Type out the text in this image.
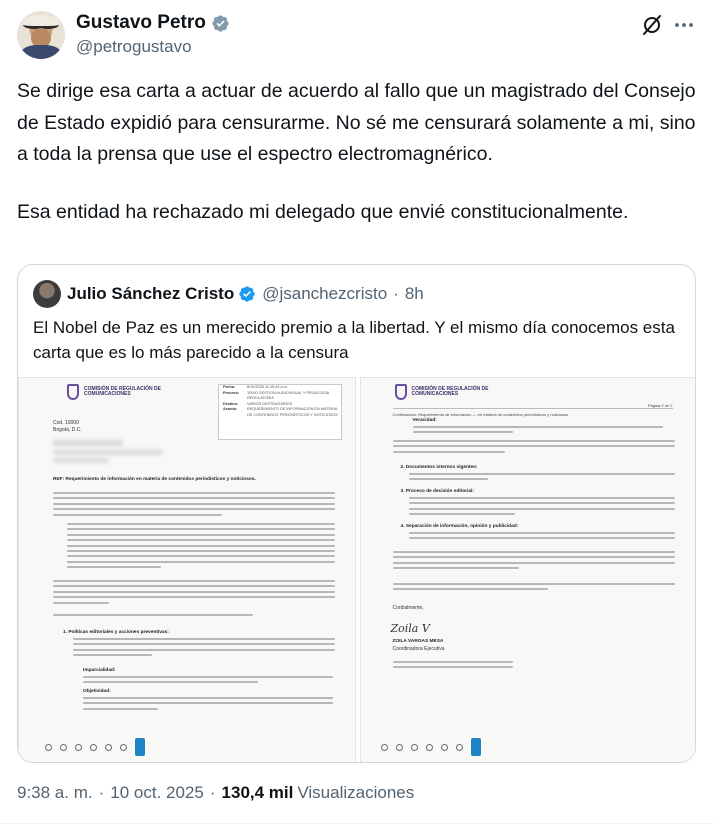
Gustavo Petro
@petrogustavo

Se dirige esa carta a actuar de acuerdo al fallo que un magistrado del Consejo de Estado expidió para censurarme. No sé me censurará solamente a mi, sino a toda la prensa que use el espectro electromagnérico.

Esa entidad ha rechazado mi delegado que envié constitucionalmente.

Julio Sánchez Cristo @jsanchezcristo · 8h
El Nobel de Paz es un merecido premio a la libertad. Y el mismo día conocemos esta carta que es lo más parecido a la censura
COMISIÓN DE REGULACIÓN DE COMUNICACIONES
Fecha:	8/10/2025 11:19:43 a.m.
Proceso:	10000 GESTION AUDIOVISUAL Y PEDAGOGÍA REGULATORIA
Destino:	VARIOS DESTINATARIOS
Asunto:	REQUERIMIENTO DE INFORMACIÓN EN MATERIA DE CONTENIDOS PERIODÍSTICOS Y NOTICIOSOS
Cod. 10000
Bogotá, D.C.
REF: Requerimiento de información en materia de contenidos periodísticos y noticiosos.
1. Políticas editoriales y acciones preventivas:
Imparcialidad:
Objetividad:
COMISIÓN DE REGULACIÓN DE COMUNICACIONES
Continuación: Requerimiento de información — en materia de contenidos periodísticos y noticiosos
Página 2 de 2
Veracidad:
2. Documentos internos vigentes:
3. Proceso de decisión editorial:
4. Separación de información, opinión y publicidad:
Cordialmente,
Zoila V
ZOILA VARGAS MESA
Coordinadora Ejecutiva
9:38 a. m. · 10 oct. 2025 · 130,4 mil Visualizaciones
